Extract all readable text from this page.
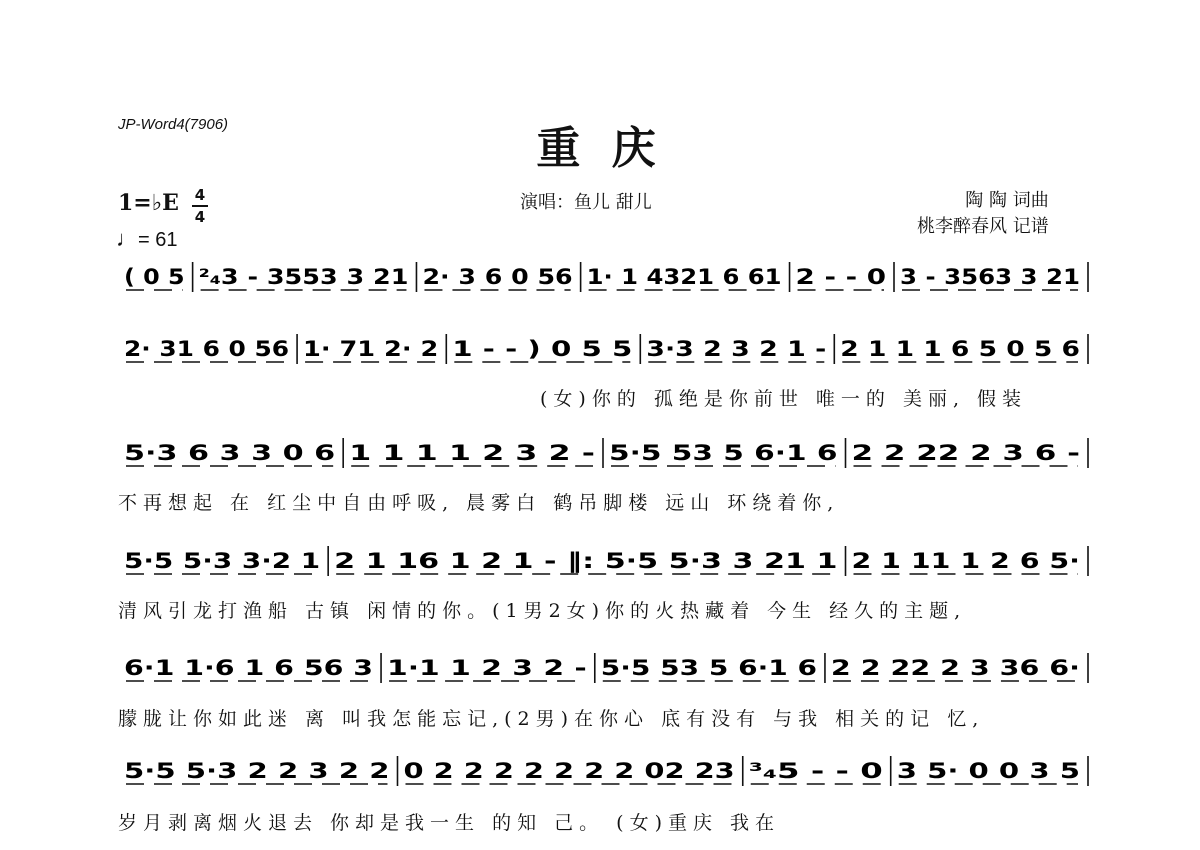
JP-Word4(7906)	重 庆
1=♭E 4
4
♩= 61
演唱：鱼儿 甜儿	陶 陶 词曲
桃李醉春风 记谱
( 0 5 ²₄3 - 3553 3 21 2· 3 6 0 56 1· 1 4321 6 61 2 - - 0 3 - 3563 3 21
2· 31 6 0 56 1· 71 2· 2 1 - - ) 0 5 5 3·3 2 3 2 1 - 2 1 1 1 6 5 0 5 6
5·3 6 3 3 0 6 1 1 1 1 2 3 2 - 5·5 53 5 6·1 6 2 2 22 2 3 6 -
5·5 5·3 3·2 1 2 1 16 1 2 1 - ‖: 5·5 5·3 3 21 1	2 1 11 1 2 6 5·
6·1 1·6 1 6 56 3 1·1 1 2 3 2 - 5·5 53 5 6·1 6 2 2 22 2 3 36 6·
5·5 5·3 2 2 3 2 2 0 2 2 2 2 2 2 2 02 23 ³₄5 - - 0 3 5· 0 0 3 5
(女)你的 孤绝是你前世 唯一的 美丽, 假装
不再想起 在 红尘中自由呼吸, 晨雾白 鹤吊脚楼 远山 环绕着你,
清风引龙打渔船 古镇 闲情的你。(1男2女)你的火热藏着 今生 经久的主题,
朦胧让你如此迷 离 叫我怎能忘记,(2男)在你心 底有没有 与我 相关的记 忆,
岁月剥离烟火退去 你却是我一生 的知 己。 (女)重庆 我在
